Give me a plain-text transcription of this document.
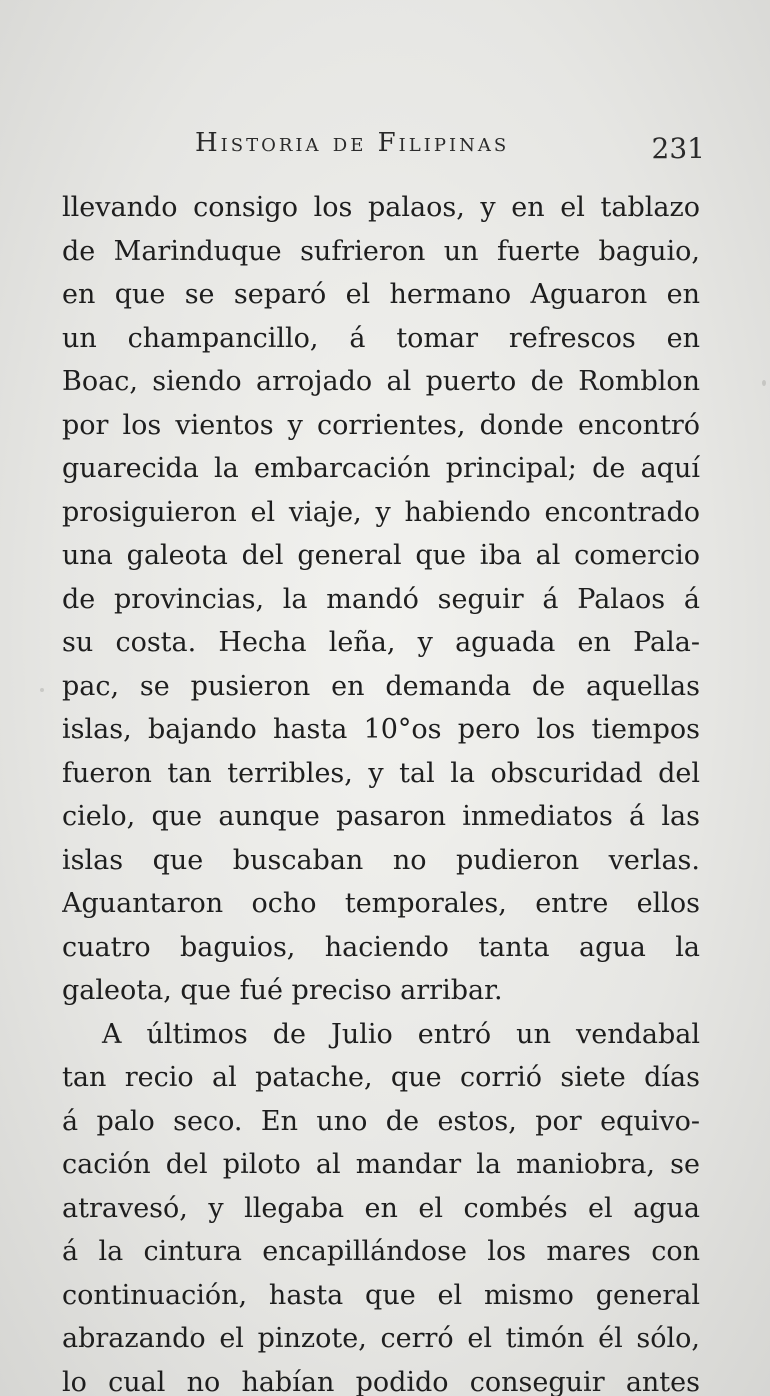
Historia de Filipinas	231
llevando consigo los palaos, y en el tablazo
de Marinduque sufrieron un fuerte baguio,
en que se separó el hermano Aguaron en
un champancillo, á tomar refrescos en
Boac, siendo arrojado al puerto de Romblon
por los vientos y corrientes, donde encontró
guarecida la embarcación principal; de aquí
prosiguieron el viaje, y habiendo encontrado
una galeota del general que iba al comercio
de provincias, la mandó seguir á Palaos á
su costa. Hecha leña, y aguada en Pala-
pac, se pusieron en demanda de aquellas
islas, bajando hasta 10°os pero los tiempos
fueron tan terribles, y tal la obscuridad del
cielo, que aunque pasaron inmediatos á las
islas que buscaban no pudieron verlas.
Aguantaron ocho temporales, entre ellos
cuatro baguios, haciendo tanta agua la
galeota, que fué preciso arribar.
A últimos de Julio entró un vendabal
tan recio al patache, que corrió siete días
á palo seco. En uno de estos, por equivo-
cación del piloto al mandar la maniobra, se
atravesó, y llegaba en el combés el agua
á la cintura encapillándose los mares con
continuación, hasta que el mismo general
abrazando el pinzote, cerró el timón él sólo,
lo cual no habían podido conseguir antes
